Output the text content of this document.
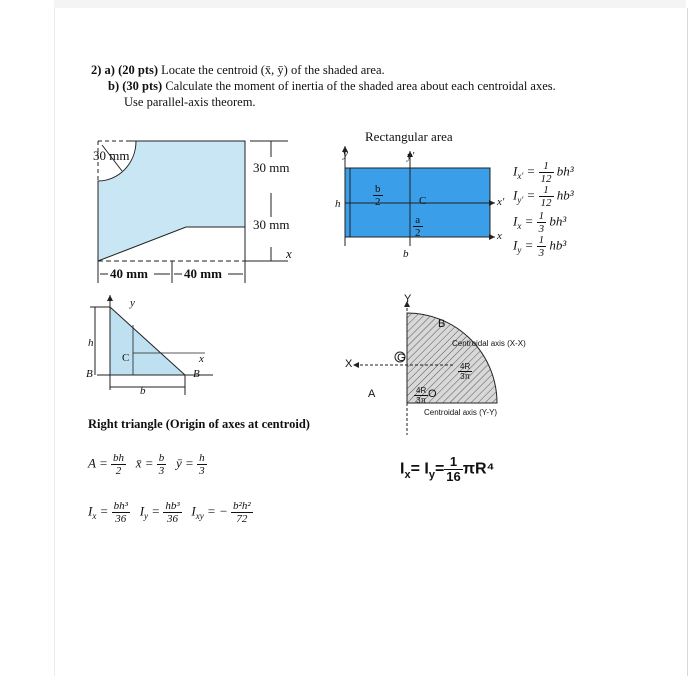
2) a) (20 pts) Locate the centroid (x̄, ȳ) of the shaded area.
b) (30 pts) Calculate the moment of inertia of the shaded area about each centroidal axes.
Use parallel-axis theorem.
30 mm
30 mm
30 mm
x
40 mm	40 mm
Rectangular area
y	y'
h
b
C	x'
x
$\frac{b}{2}$
$\frac{a}{2}$
$I_{x'} = \frac{1}{12} bh^3$
$I_{y'} = \frac{1}{12} hb^3$
$I_x = \frac{1}{3} bh^3$
$I_y = \frac{1}{3} hb^3$
y
h
C
B	B
x
b
Right triangle (Origin of axes at centroid)
$A = \frac{bh}{2}$ x̄ = $\frac{b}{3}$ ȳ = $\frac{h}{3}$
$I_x = \frac{\text{bh³}}{36} I_y = \frac{\text{hb³}}{36} I_{xy}$ = − $\frac{\text{b²h²}}{72}$
Y
X
B
A	O
G
Centroidal axis (X-X)
Centroidal axis (Y-Y)
$\frac{4R}{3\pi}$
$\frac{4R}{3\pi}$
$I_x= I_y= \frac{1}{16} \pi R^4$
